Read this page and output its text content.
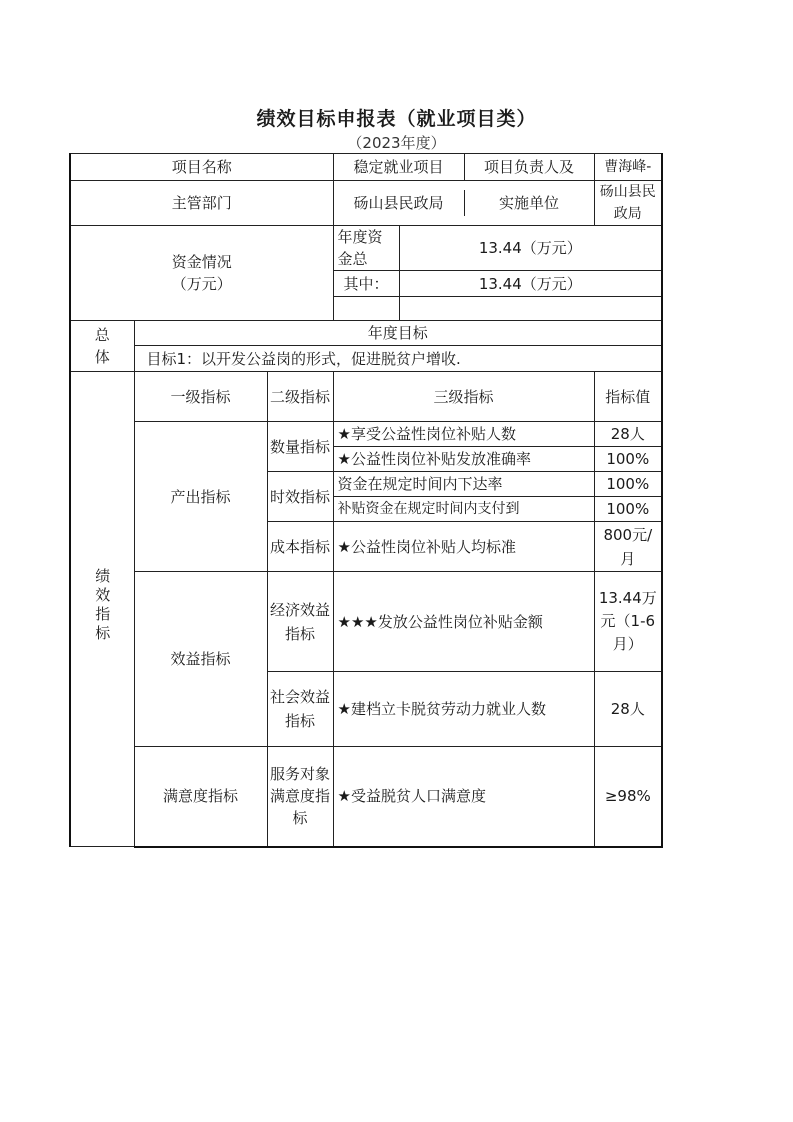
绩效目标申报表（就业项目类）
（2023年度）
项目名称			稳定就业项目 项目负责人及		曹海峰-
主管部门			砀山县民政局 实施单位		砀山县民政局

资金情况
（万元）			年度资金总	13.44（万元）	
			其中：	13.44（万元）	

总
体	年度目标				
	目标1：以开发公益岗的形式，促进脱贫户增收.				
绩效指标	一级指标	二级指标	三级指标		指标值
	产出指标	数量指标	★享受公益性岗位补贴人数		28人
			★公益性岗位补贴发放准确率		100%
		时效指标	资金在规定时间内下达率		100%
			补贴资金在规定时间内支付到		100%
		成本指标	★公益性岗位补贴人均标准		800元/月
	效益指标	经济效益指标	★★★发放公益性岗位补贴金额		13.44万元（1-6月）
		社会效益指标	★建档立卡脱贫劳动力就业人数		28人
	满意度指标	服务对象满意度指标	★受益脱贫人口满意度		≥98%
